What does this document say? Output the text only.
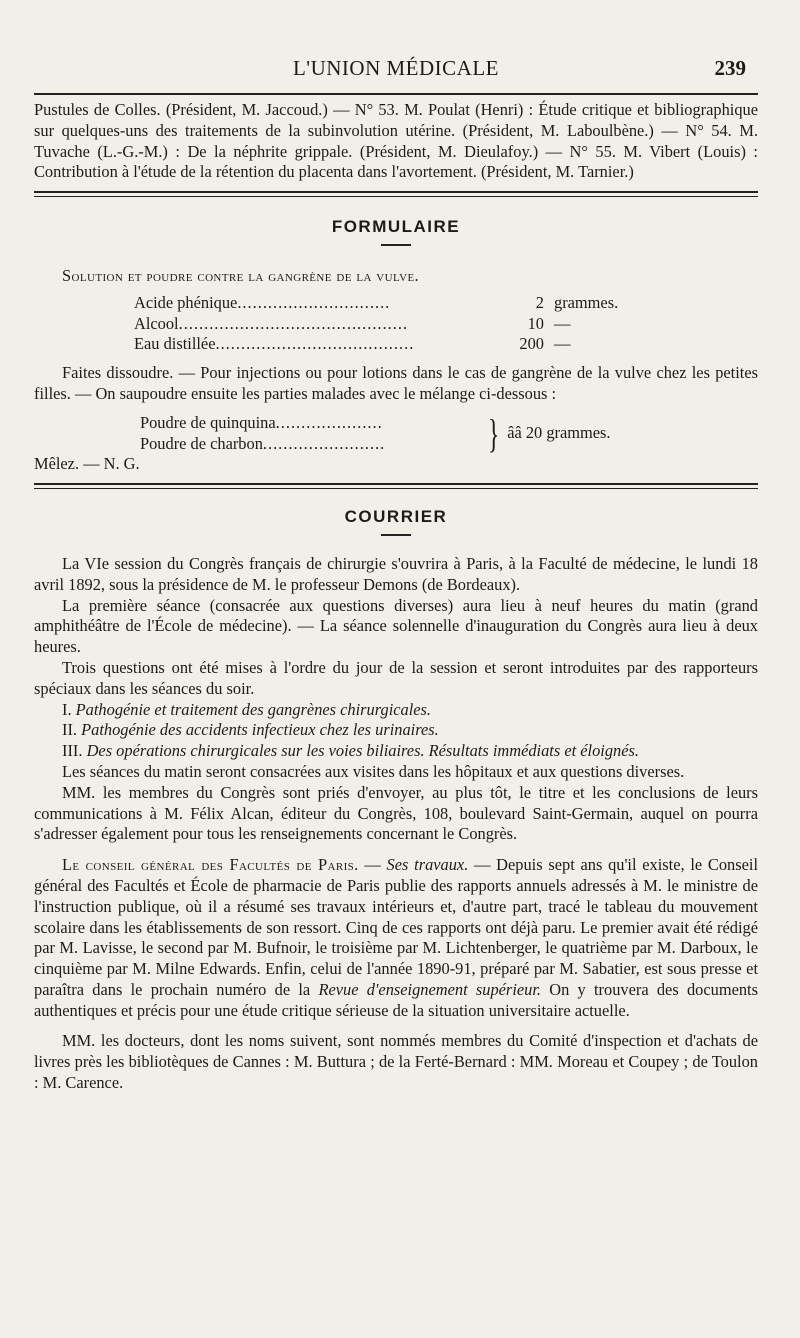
L'UNION MÉDICALE	239

Pustules de Colles. (Président, M. Jaccoud.) — N° 53. M. Poulat (Henri) : Étude critique et bibliographique sur quelques-uns des traitements de la subinvolution utérine. (Président, M. Laboulbène.) — N° 54. M. Tuvache (L.-G.-M.) : De la néphrite grippale. (Président, M. Dieulafoy.) — N° 55. M. Vibert (Louis) : Contribution à l'étude de la rétention du placenta dans l'avortement. (Président, M. Tarnier.)

FORMULAIRE

Solution et poudre contre la gangrène de la vulve.

Acide phénique ..............................	2 grammes.
Alcool .............................................	10 —
Eau distillée .......................................	200 —

Faites dissoudre. — Pour injections ou pour lotions dans le cas de gangrène de la vulve chez les petites filles. — On saupoudre ensuite les parties malades avec le mélange ci-dessous :

Poudre de quinquina .....................
Poudre de charbon ........................	} ââ 20 grammes.

Mêlez. — N. G.

COURRIER

La VIe session du Congrès français de chirurgie s'ouvrira à Paris, à la Faculté de médecine, le lundi 18 avril 1892, sous la présidence de M. le professeur Demons (de Bordeaux).

La première séance (consacrée aux questions diverses) aura lieu à neuf heures du matin (grand amphithéâtre de l'École de médecine). — La séance solennelle d'inauguration du Congrès aura lieu à deux heures.

Trois questions ont été mises à l'ordre du jour de la session et seront introduites par des rapporteurs spéciaux dans les séances du soir.

I. Pathogénie et traitement des gangrènes chirurgicales.

II. Pathogénie des accidents infectieux chez les urinaires.

III. Des opérations chirurgicales sur les voies biliaires. Résultats immédiats et éloignés.

Les séances du matin seront consacrées aux visites dans les hôpitaux et aux questions diverses.

MM. les membres du Congrès sont priés d'envoyer, au plus tôt, le titre et les conclusions de leurs communications à M. Félix Alcan, éditeur du Congrès, 108, boulevard Saint-Germain, auquel on pourra s'adresser également pour tous les renseignements concernant le Congrès.

Le conseil général des Facultés de Paris. — Ses travaux. — Depuis sept ans qu'il existe, le Conseil général des Facultés et École de pharmacie de Paris publie des rapports annuels adressés à M. le ministre de l'instruction publique, où il a résumé ses travaux intérieurs et, d'autre part, tracé le tableau du mouvement scolaire dans les établissements de son ressort. Cinq de ces rapports ont déjà paru. Le premier avait été rédigé par M. Lavisse, le second par M. Bufnoir, le troisième par M. Lichtenberger, le quatrième par M. Darboux, le cinquième par M. Milne Edwards. Enfin, celui de l'année 1890-91, préparé par M. Sabatier, est sous presse et paraîtra dans le prochain numéro de la Revue d'enseignement supérieur. On y trouvera des documents authentiques et précis pour une étude critique sérieuse de la situation universitaire actuelle.

MM. les docteurs, dont les noms suivent, sont nommés membres du Comité d'inspection et d'achats de livres près les bibliotèques de Cannes : M. Buttura ; de la Ferté-Bernard : MM. Moreau et Coupey ; de Toulon : M. Carence.
